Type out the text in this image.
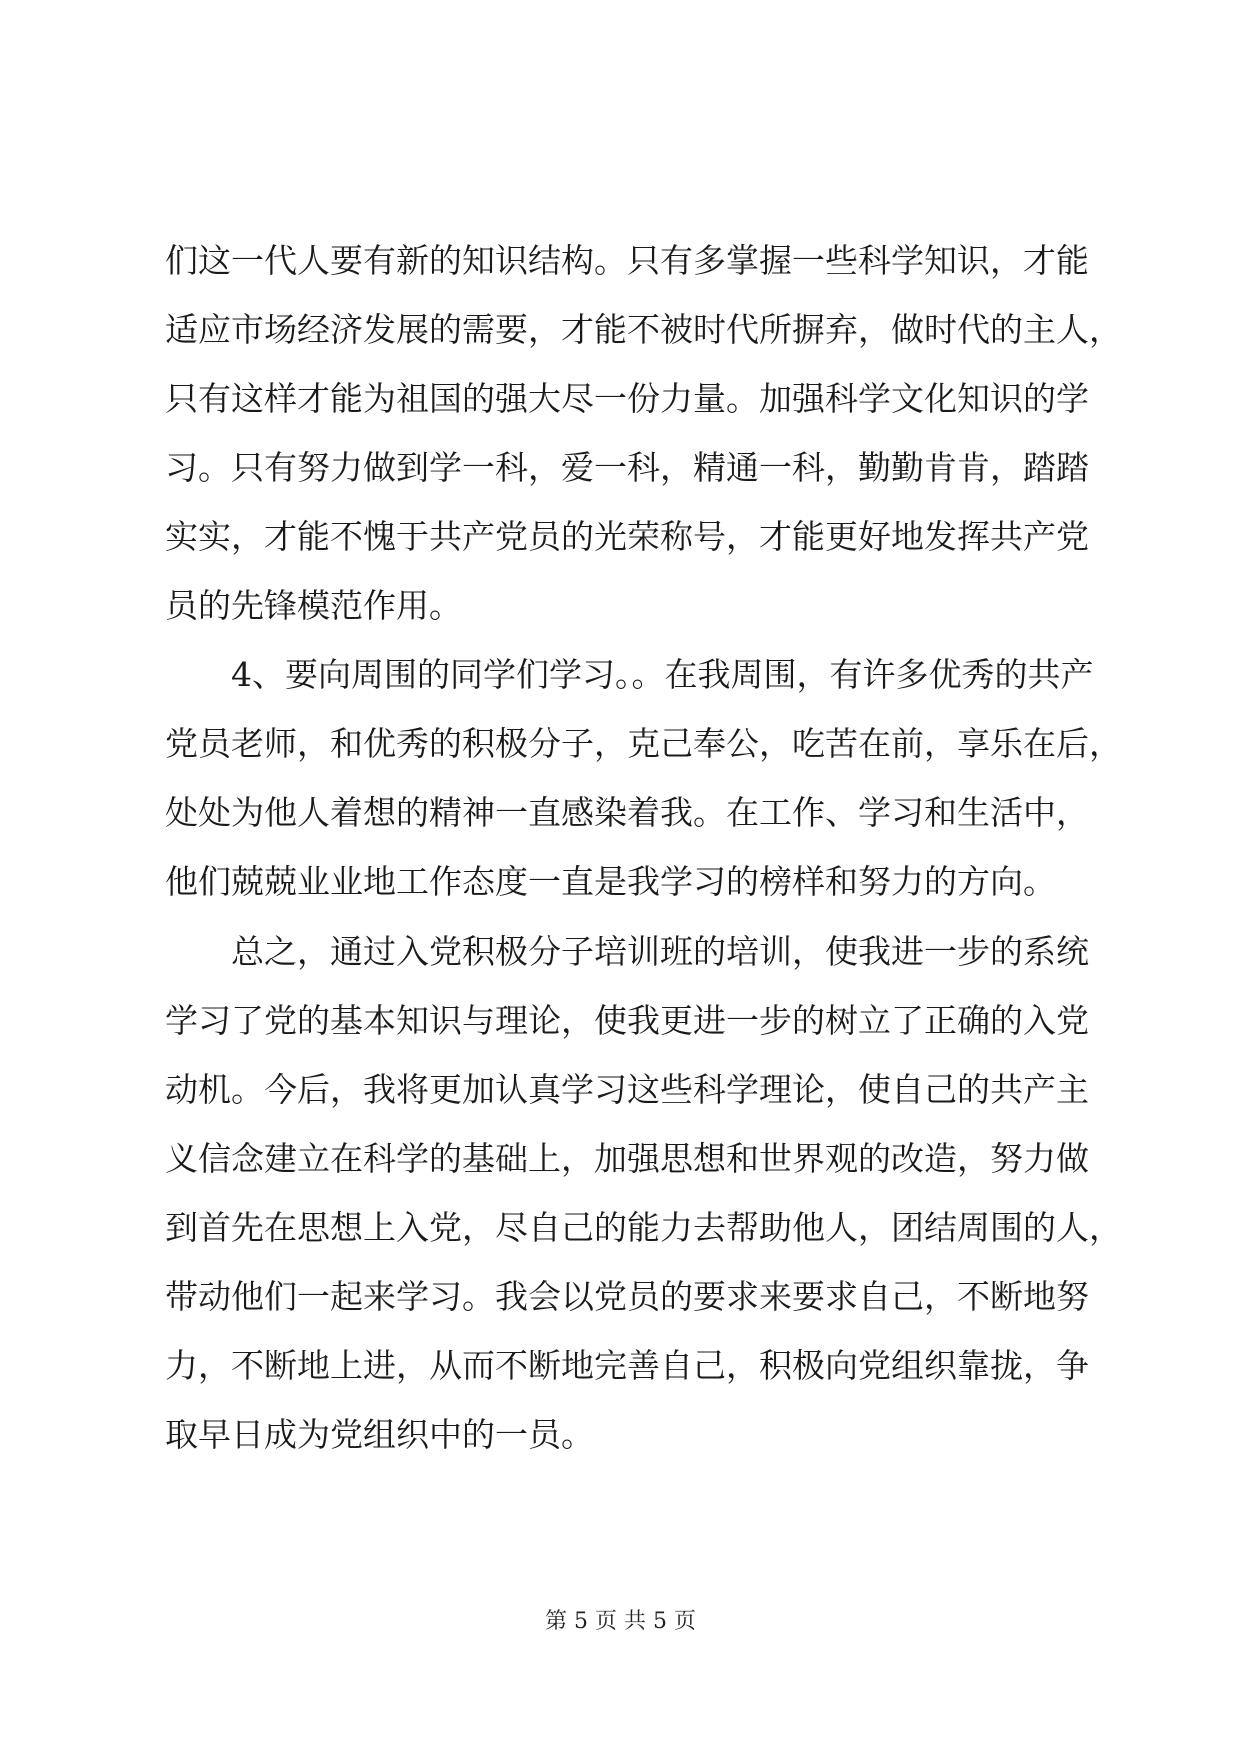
们这一代人要有新的知识结构。只有多掌握一些科学知识，才能
适应市场经济发展的需要，才能不被时代所摒弃，做时代的主人，
只有这样才能为祖国的强大尽一份力量。加强科学文化知识的学
习。只有努力做到学一科，爱一科，精通一科，勤勤肯肯，踏踏
实实，才能不愧于共产党员的光荣称号，才能更好地发挥共产党
员的先锋模范作用。
4、要向周围的同学们学习。。在我周围，有许多优秀的共产
党员老师，和优秀的积极分子，克己奉公，吃苦在前，享乐在后，
处处为他人着想的精神一直感染着我。在工作、学习和生活中，
他们兢兢业业地工作态度一直是我学习的榜样和努力的方向。
总之，通过入党积极分子培训班的培训，使我进一步的系统
学习了党的基本知识与理论，使我更进一步的树立了正确的入党
动机。今后，我将更加认真学习这些科学理论，使自己的共产主
义信念建立在科学的基础上，加强思想和世界观的改造，努力做
到首先在思想上入党，尽自己的能力去帮助他人，团结周围的人，
带动他们一起来学习。我会以党员的要求来要求自己，不断地努
力，不断地上进，从而不断地完善自己，积极向党组织靠拢，争
取早日成为党组织中的一员。
第 5 页 共 5 页
